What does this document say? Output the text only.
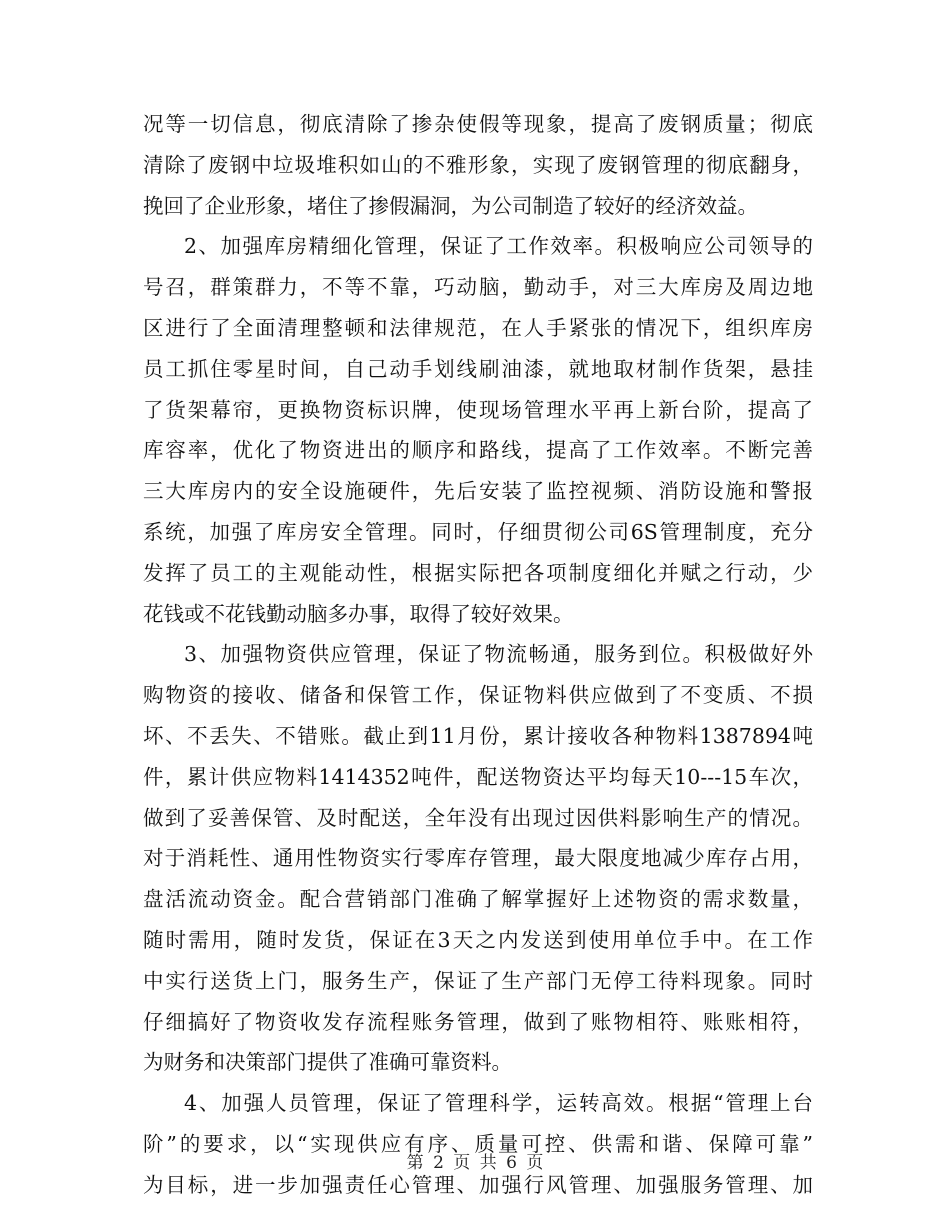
况等一切信息，彻底清除了掺杂使假等现象，提高了废钢质量；彻底
清除了废钢中垃圾堆积如山的不雅形象，实现了废钢管理的彻底翻身，
挽回了企业形象，堵住了掺假漏洞，为公司制造了较好的经济效益。
2、加强库房精细化管理，保证了工作效率。积极响应公司领导的
号召，群策群力，不等不靠，巧动脑，勤动手，对三大库房及周边地
区进行了全面清理整顿和法律规范，在人手紧张的情况下，组织库房
员工抓住零星时间，自己动手划线刷油漆，就地取材制作货架，悬挂
了货架幕帘，更换物资标识牌，使现场管理水平再上新台阶，提高了
库容率，优化了物资进出的顺序和路线，提高了工作效率。不断完善
三大库房内的安全设施硬件，先后安装了监控视频、消防设施和警报
系统，加强了库房安全管理。同时，仔细贯彻公司6S管理制度，充分
发挥了员工的主观能动性，根据实际把各项制度细化并赋之行动，少
花钱或不花钱勤动脑多办事，取得了较好效果。
3、加强物资供应管理，保证了物流畅通，服务到位。积极做好外
购物资的接收、储备和保管工作，保证物料供应做到了不变质、不损
坏、不丢失、不错账。截止到11月份，累计接收各种物料1387894吨
件，累计供应物料1414352吨件，配送物资达平均每天10---15车次，
做到了妥善保管、及时配送，全年没有出现过因供料影响生产的情况。
对于消耗性、通用性物资实行零库存管理，最大限度地减少库存占用，
盘活流动资金。配合营销部门准确了解掌握好上述物资的需求数量，
随时需用，随时发货，保证在3天之内发送到使用单位手中。在工作
中实行送货上门，服务生产，保证了生产部门无停工待料现象。同时
仔细搞好了物资收发存流程账务管理，做到了账物相符、账账相符，
为财务和决策部门提供了准确可靠资料。
4、加强人员管理，保证了管理科学，运转高效。根据“管理上台
阶”的要求，以“实现供应有序、质量可控、供需和谐、保障可靠”
为目标，进一步加强责任心管理、加强行风管理、加强服务管理、加
第 2 页 共 6 页
